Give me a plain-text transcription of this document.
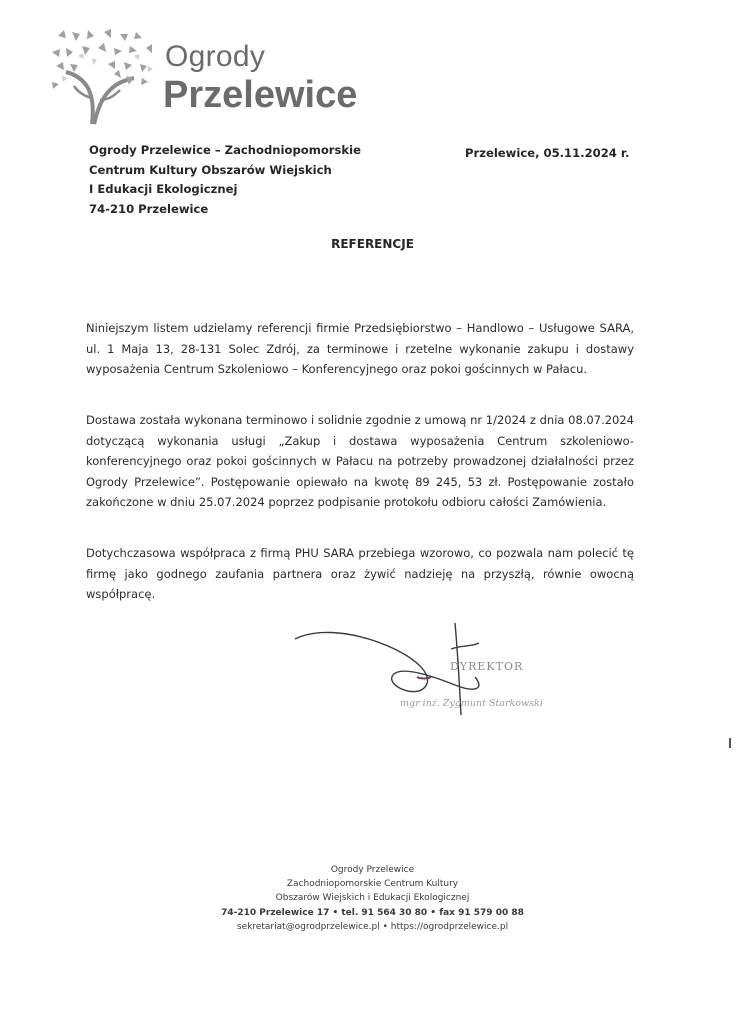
Ogrody
Przelewice
Ogrody Przelewice – Zachodniopomorskie
Centrum Kultury Obszarów Wiejskich
I Edukacji Ekologicznej
74-210 Przelewice
Przelewice, 05.11.2024 r.
REFERENCJE
Niniejszym listem udzielamy referencji firmie Przedsiębiorstwo – Handlowo – Usługowe SARA, ul. 1 Maja 13, 28-131 Solec Zdrój, za terminowe i rzetelne wykonanie zakupu i dostawy wyposażenia Centrum Szkoleniowo – Konferencyjnego oraz pokoi gościnnych w Pałacu.
Dostawa została wykonana terminowo i solidnie zgodnie z umową nr 1/2024 z dnia 08.07.2024 dotyczącą wykonania usługi „Zakup i dostawa wyposażenia Centrum szkoleniowo-konferencyjnego oraz pokoi gościnnych w Pałacu na potrzeby prowadzonej działalności przez Ogrody Przelewice”. Postępowanie opiewało na kwotę 89 245, 53 zł. Postępowanie zostało zakończone w dniu 25.07.2024 poprzez podpisanie protokołu odbioru całości Zamówienia.
Dotychczasowa współpraca z firmą PHU SARA przebiega wzorowo, co pozwala nam polecić tę firmę jako godnego zaufania partnera oraz żywić nadzieję na przyszłą, równie owocną współpracę.
DYREKTOR
mgr inż. Zygmunt Starkowski
Ogrody Przelewice
Zachodniopomorskie Centrum Kultury
Obszarów Wiejskich i Edukacji Ekologicznej
74-210 Przelewice 17 • tel. 91 564 30 80 • fax 91 579 00 88
sekretariat@ogrodprzelewice.pl • https://ogrodprzelewice.pl
